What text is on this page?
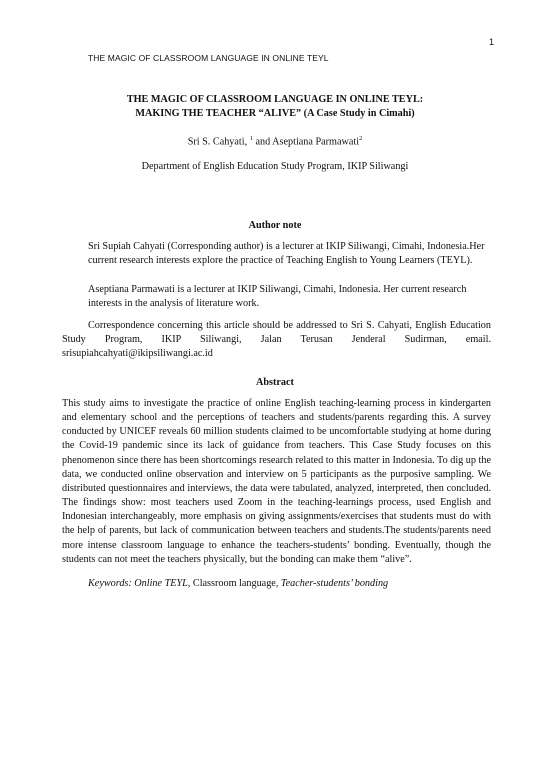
1
THE MAGIC OF CLASSROOM LANGUAGE IN ONLINE TEYL
THE MAGIC OF CLASSROOM LANGUAGE IN ONLINE TEYL:
MAKING THE TEACHER “ALIVE” (A Case Study in Cimahi)
Sri S. Cahyati, $^1$ and Aseptiana Parmawati$^2$
Department of English Education Study Program, IKIP Siliwangi
Author note

Sri Supiah Cahyati (Corresponding author) is a lecturer at IKIP Siliwangi, Cimahi, Indonesia.Her current research interests explore the practice of Teaching English to Young Learners (TEYL).

Aseptiana Parmawati is a lecturer at IKIP Siliwangi, Cimahi, Indonesia. Her current research interests in the analysis of literature work.

Correspondence concerning this article should be addressed to Sri S. Cahyati, English Education Study Program, IKIP Siliwangi, Jalan Terusan Jenderal Sudirman, email. srisupiahcahyati@ikipsiliwangi.ac.id
Abstract
This study aims to investigate the practice of online English teaching-learning process in kindergarten and elementary school and the perceptions of teachers and students/parents regarding this. A survey conducted by UNICEF reveals 60 million students claimed to be uncomfortable studying at home during the Covid-19 pandemic since its lack of guidance from teachers. This Case Study focuses on this phenomenon since there has been shortcomings research related to this matter in Indonesia. To dig up the data, we conducted online observation and interview on 5 participants as the purposive sampling. We distributed questionnaires and interviews, the data were tabulated, analyzed, interpreted, then concluded. The findings show: most teachers used Zoom in the teaching-learnings process, used English and Indonesian interchangeably, more emphasis on giving assignments/exercises that students must do with the help of parents, but lack of communication between teachers and students.The students/parents need more intense classroom language to enhance the teachers-students’ bonding. Eventually, though the students can not meet the teachers physically, but the bonding can make them “alive”.
Keywords: Online TEYL, Classroom language, Teacher-students’ bonding
